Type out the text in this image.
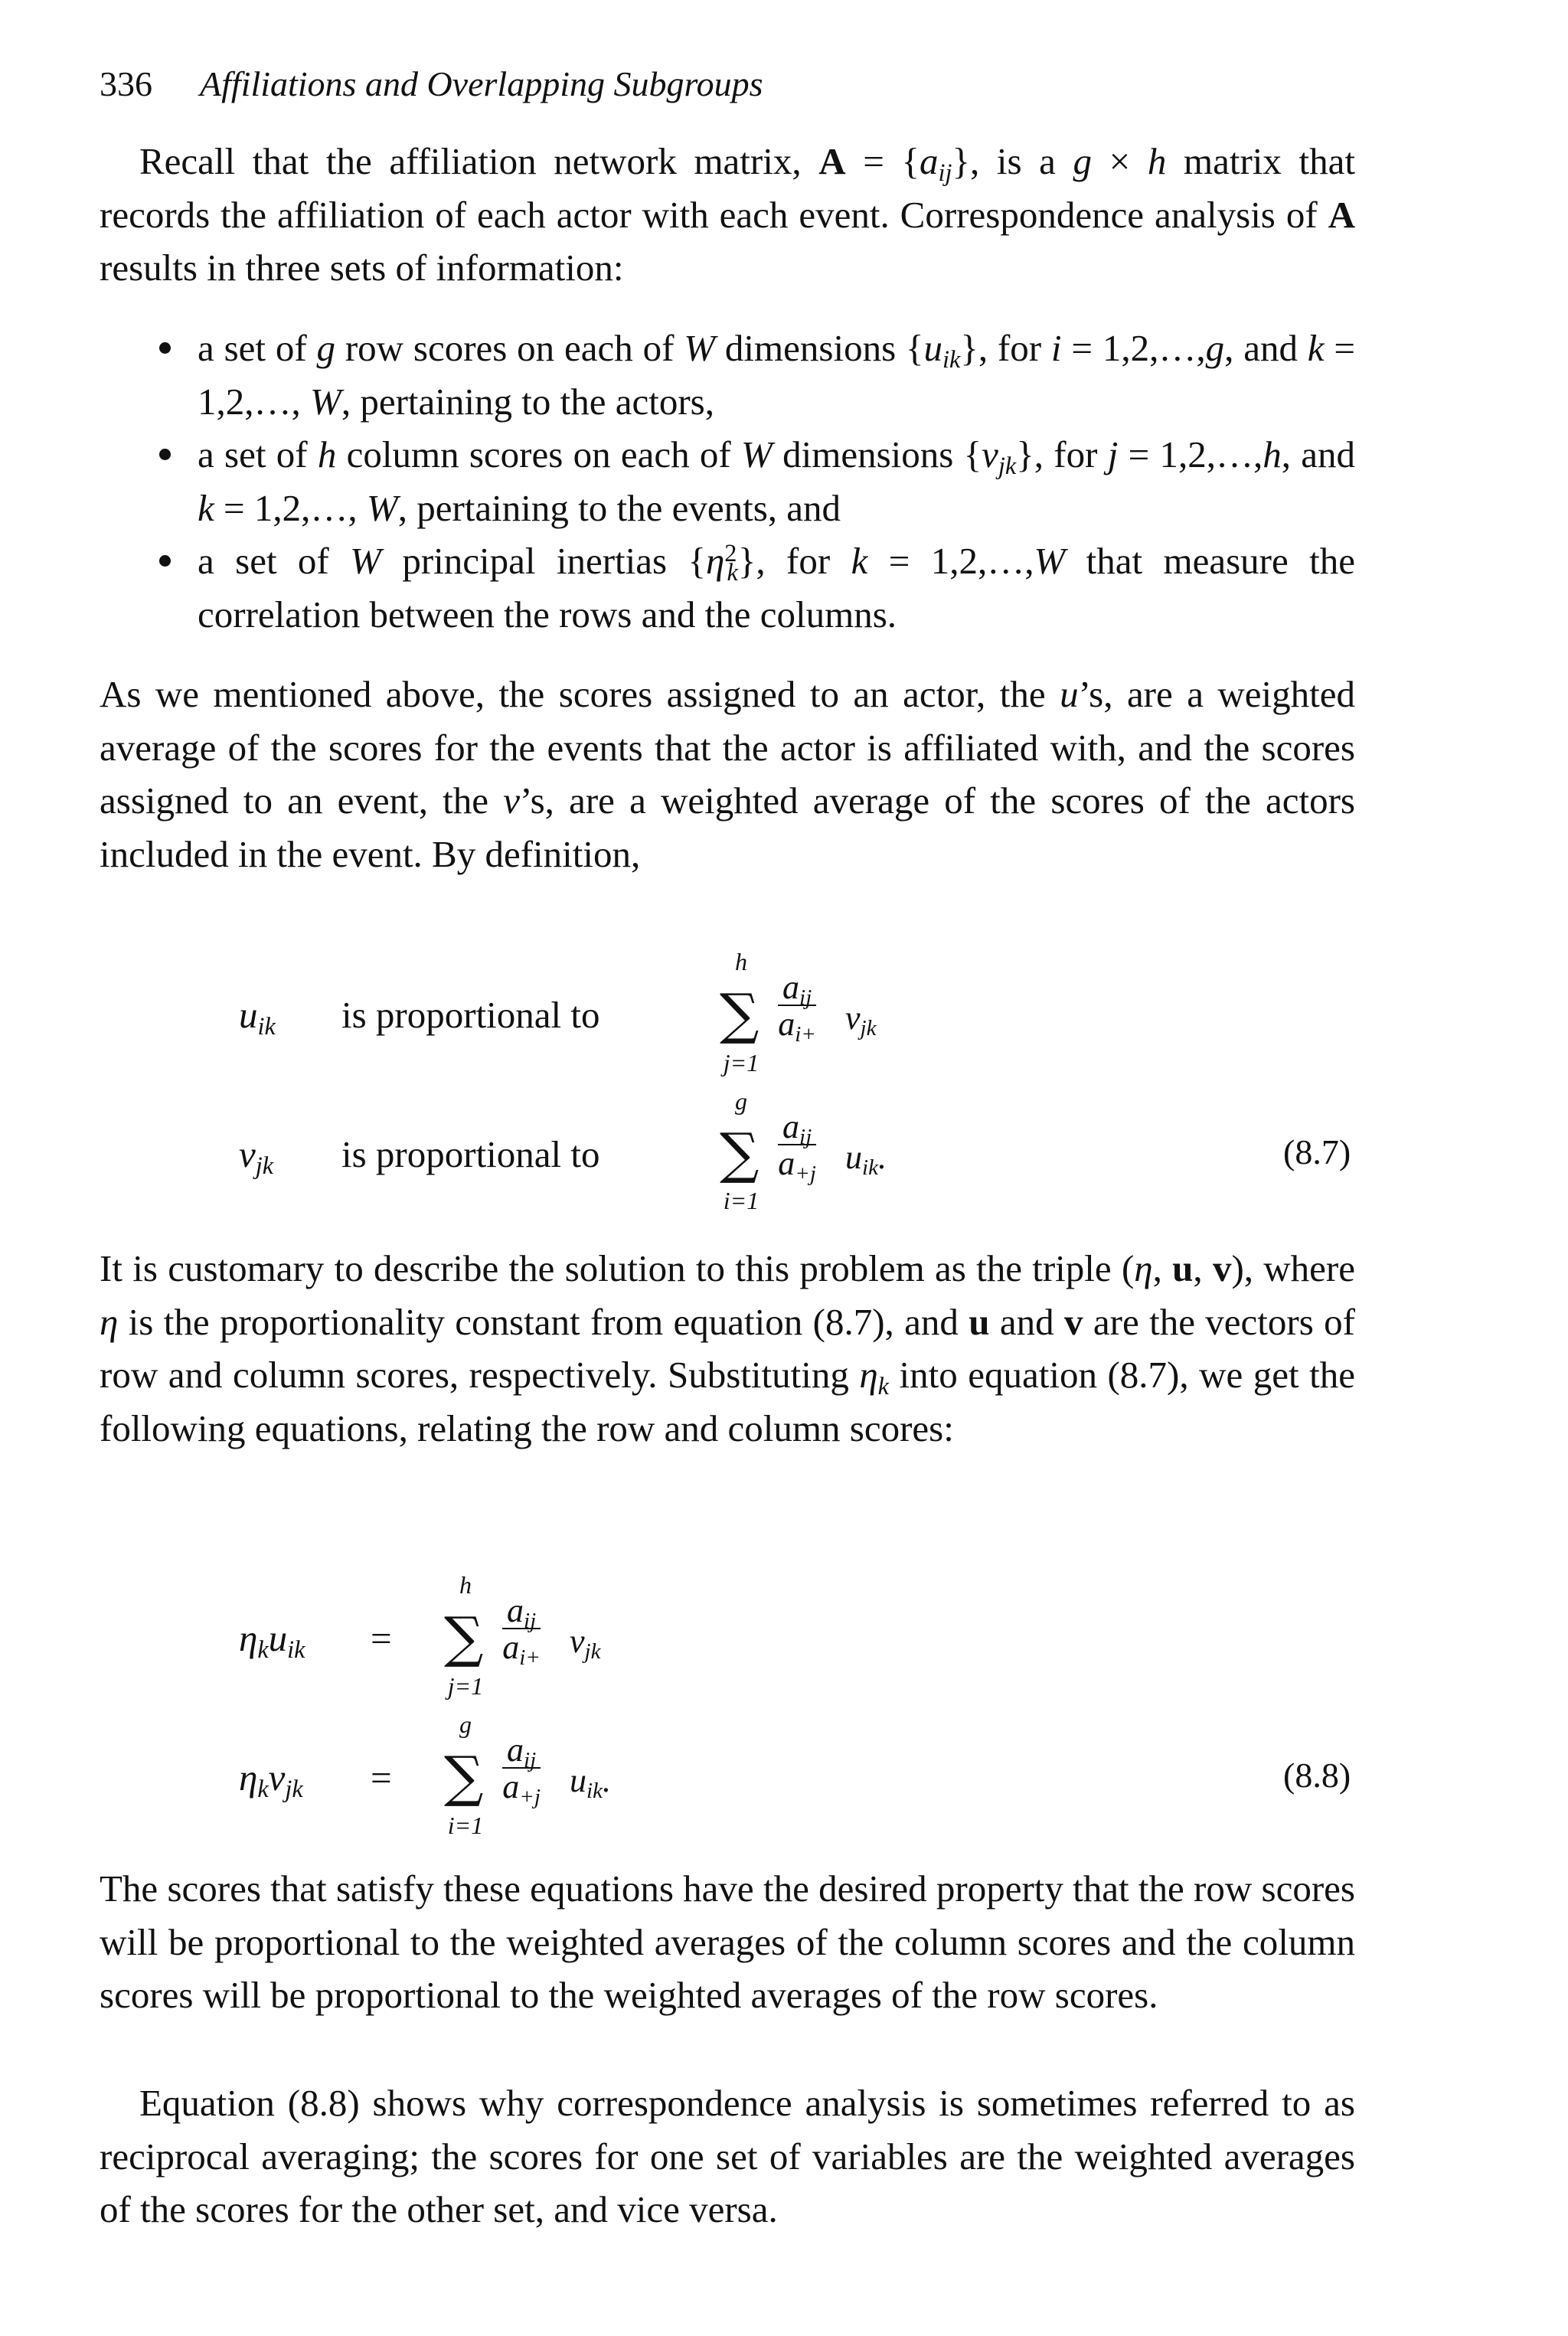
336 Affiliations and Overlapping Subgroups

Recall that the affiliation network matrix, $A = \{a_{ij}\}$, is a g × h matrix that records the affiliation of each actor with each event. Correspondence analysis of A results in three sets of information:

a set of g row scores on each of W dimensions $\{u_{ik}\}$, for i = 1,2,…,g, and k = 1,2,…, W, pertaining to the actors,
a set of h column scores on each of W dimensions $\{v_{jk}\}$, for j = 1,2,…,h, and k = 1,2,…, W, pertaining to the events, and
a set of W principal inertias $\{\eta^2_k\}$, for k = 1,2,…,W that measure the correlation between the rows and the columns.

As we mentioned above, the scores assigned to an actor, the u’s, are a weighted average of the scores for the events that the actor is affiliated with, and the scores assigned to an event, the v’s, are a weighted average of the scores of the actors included in the event. By definition,

$u_{ik}$ is proportional to
h
∑
j=1
$a_{ij}$
$a_{i+}$ $v_{jk}$
$v_{jk}$ is proportional to
g
∑
i=1
$a_{ij}$
$a_{+j}$ $u_{ik}$.	(8.7)

It is customary to describe the solution to this problem as the triple (η, u, v), where η is the proportionality constant from equation (8.7), and u and v are the vectors of row and column scores, respectively. Substituting $\eta_k$ into equation (8.7), we get the following equations, relating the row and column scores:

$\eta_ku_{ik}$ =
h
∑
j=1
$a_{ij}$
$a_{i+}$ $v_{jk}$
$\eta_kv_{jk}$ =
g
∑
i=1
$a_{ij}$
$a_{+j}$ $u_{ik}$.	(8.8)

The scores that satisfy these equations have the desired property that the row scores will be proportional to the weighted averages of the column scores and the column scores will be proportional to the weighted averages of the row scores.

Equation (8.8) shows why correspondence analysis is sometimes referred to as reciprocal averaging; the scores for one set of variables are the weighted averages of the scores for the other set, and vice versa.
